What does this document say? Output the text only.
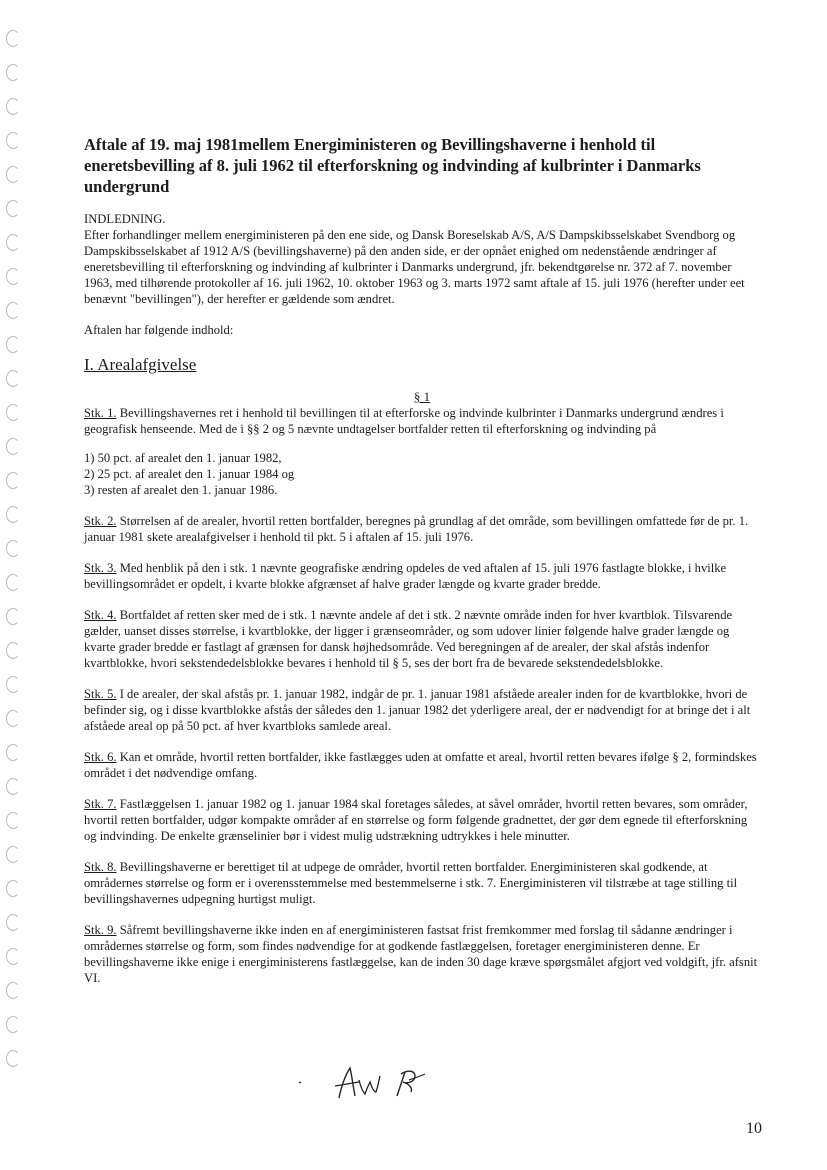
Aftale af 19. maj 1981mellem Energiministeren og Bevillingshaverne i henhold til eneretsbevilling af 8. juli 1962 til efterforskning og indvinding af kulbrinter i Danmarks undergrund

INDLEDNING.

Efter forhandlinger mellem energiministeren på den ene side, og Dansk Boreselskab A/S, A/S Dampskibsselskabet Svendborg og Dampskibsselskabet af 1912 A/S (bevillingshaverne) på den anden side, er der opnået enighed om nedenstående ændringer af eneretsbevilling til efterforskning og indvinding af kulbrinter i Danmarks undergrund, jfr. bekendtgørelse nr. 372 af 7. november 1963, med tilhørende protokoller af 16. juli 1962, 10. oktober 1963 og 3. marts 1972 samt aftale af 15. juli 1976 (herefter under eet benævnt "bevillingen"), der herefter er gældende som ændret.

Aftalen har følgende indhold:

I. Arealafgivelse
§ 1

Stk. 1. Bevillingshavernes ret i henhold til bevillingen til at efterforske og indvinde kulbrinter i Danmarks undergrund ændres i geografisk henseende. Med de i §§ 2 og 5 nævnte undtagelser bortfalder retten til efterforskning og indvinding på

1) 50 pct. af arealet den 1. januar 1982,
2) 25 pct. af arealet den 1. januar 1984 og
3) resten af arealet den 1. januar 1986.

Stk. 2. Størrelsen af de arealer, hvortil retten bortfalder, beregnes på grundlag af det område, som bevillingen omfattede før de pr. 1. januar 1981 skete arealafgivelser i henhold til pkt. 5 i aftalen af 15. juli 1976.

Stk. 3. Med henblik på den i stk. 1 nævnte geografiske ændring opdeles de ved aftalen af 15. juli 1976 fastlagte blokke, i hvilke bevillingsområdet er opdelt, i kvarte blokke afgrænset af halve grader længde og kvarte grader bredde.

Stk. 4. Bortfaldet af retten sker med de i stk. 1 nævnte andele af det i stk. 2 nævnte område inden for hver kvartblok. Tilsvarende gælder, uanset disses størrelse, i kvartblokke, der ligger i grænseområder, og som udover linier følgende halve grader længde og kvarte grader bredde er fastlagt af grænsen for dansk højhedsområde. Ved beregningen af de arealer, der skal afstås indenfor kvartblokke, hvori sekstendedelsblokke bevares i henhold til § 5, ses der bort fra de bevarede sekstendedelsblokke.

Stk. 5. I de arealer, der skal afstås pr. 1. januar 1982, indgår de pr. 1. januar 1981 afståede arealer inden for de kvartblokke, hvori de befinder sig, og i disse kvartblokke afstås der således den 1. januar 1982 det yderligere areal, der er nødvendigt for at bringe det i alt afståede areal op på 50 pct. af hver kvartbloks samlede areal.

Stk. 6. Kan et område, hvortil retten bortfalder, ikke fastlægges uden at omfatte et areal, hvortil retten bevares ifølge § 2, formindskes området i det nødvendige omfang.

Stk. 7. Fastlæggelsen 1. januar 1982 og 1. januar 1984 skal foretages således, at såvel områder, hvortil retten bevares, som områder, hvortil retten bortfalder, udgør kompakte områder af en størrelse og form følgende gradnettet, der gør dem egnede til efterforskning og indvinding. De enkelte grænselinier bør i videst mulig udstrækning udtrykkes i hele minutter.

Stk. 8. Bevillingshaverne er berettiget til at udpege de områder, hvortil retten bortfalder. Energiministeren skal godkende, at områdernes størrelse og form er i overensstemmelse med bestemmelserne i stk. 7. Energiministeren vil tilstræbe at tage stilling til bevillingshavernes udpegning hurtigst muligt.

Stk. 9. Såfremt bevillingshaverne ikke inden en af energiministeren fastsat frist fremkommer med forslag til sådanne ændringer i områdernes størrelse og form, som findes nødvendige for at godkende fastlæggelsen, foretager energiministeren denne. Er bevillingshaverne ikke enige i energiministerens fastlæggelse, kan de inden 30 dage kræve spørgsmålet afgjort ved voldgift, jfr. afsnit VI.

10
